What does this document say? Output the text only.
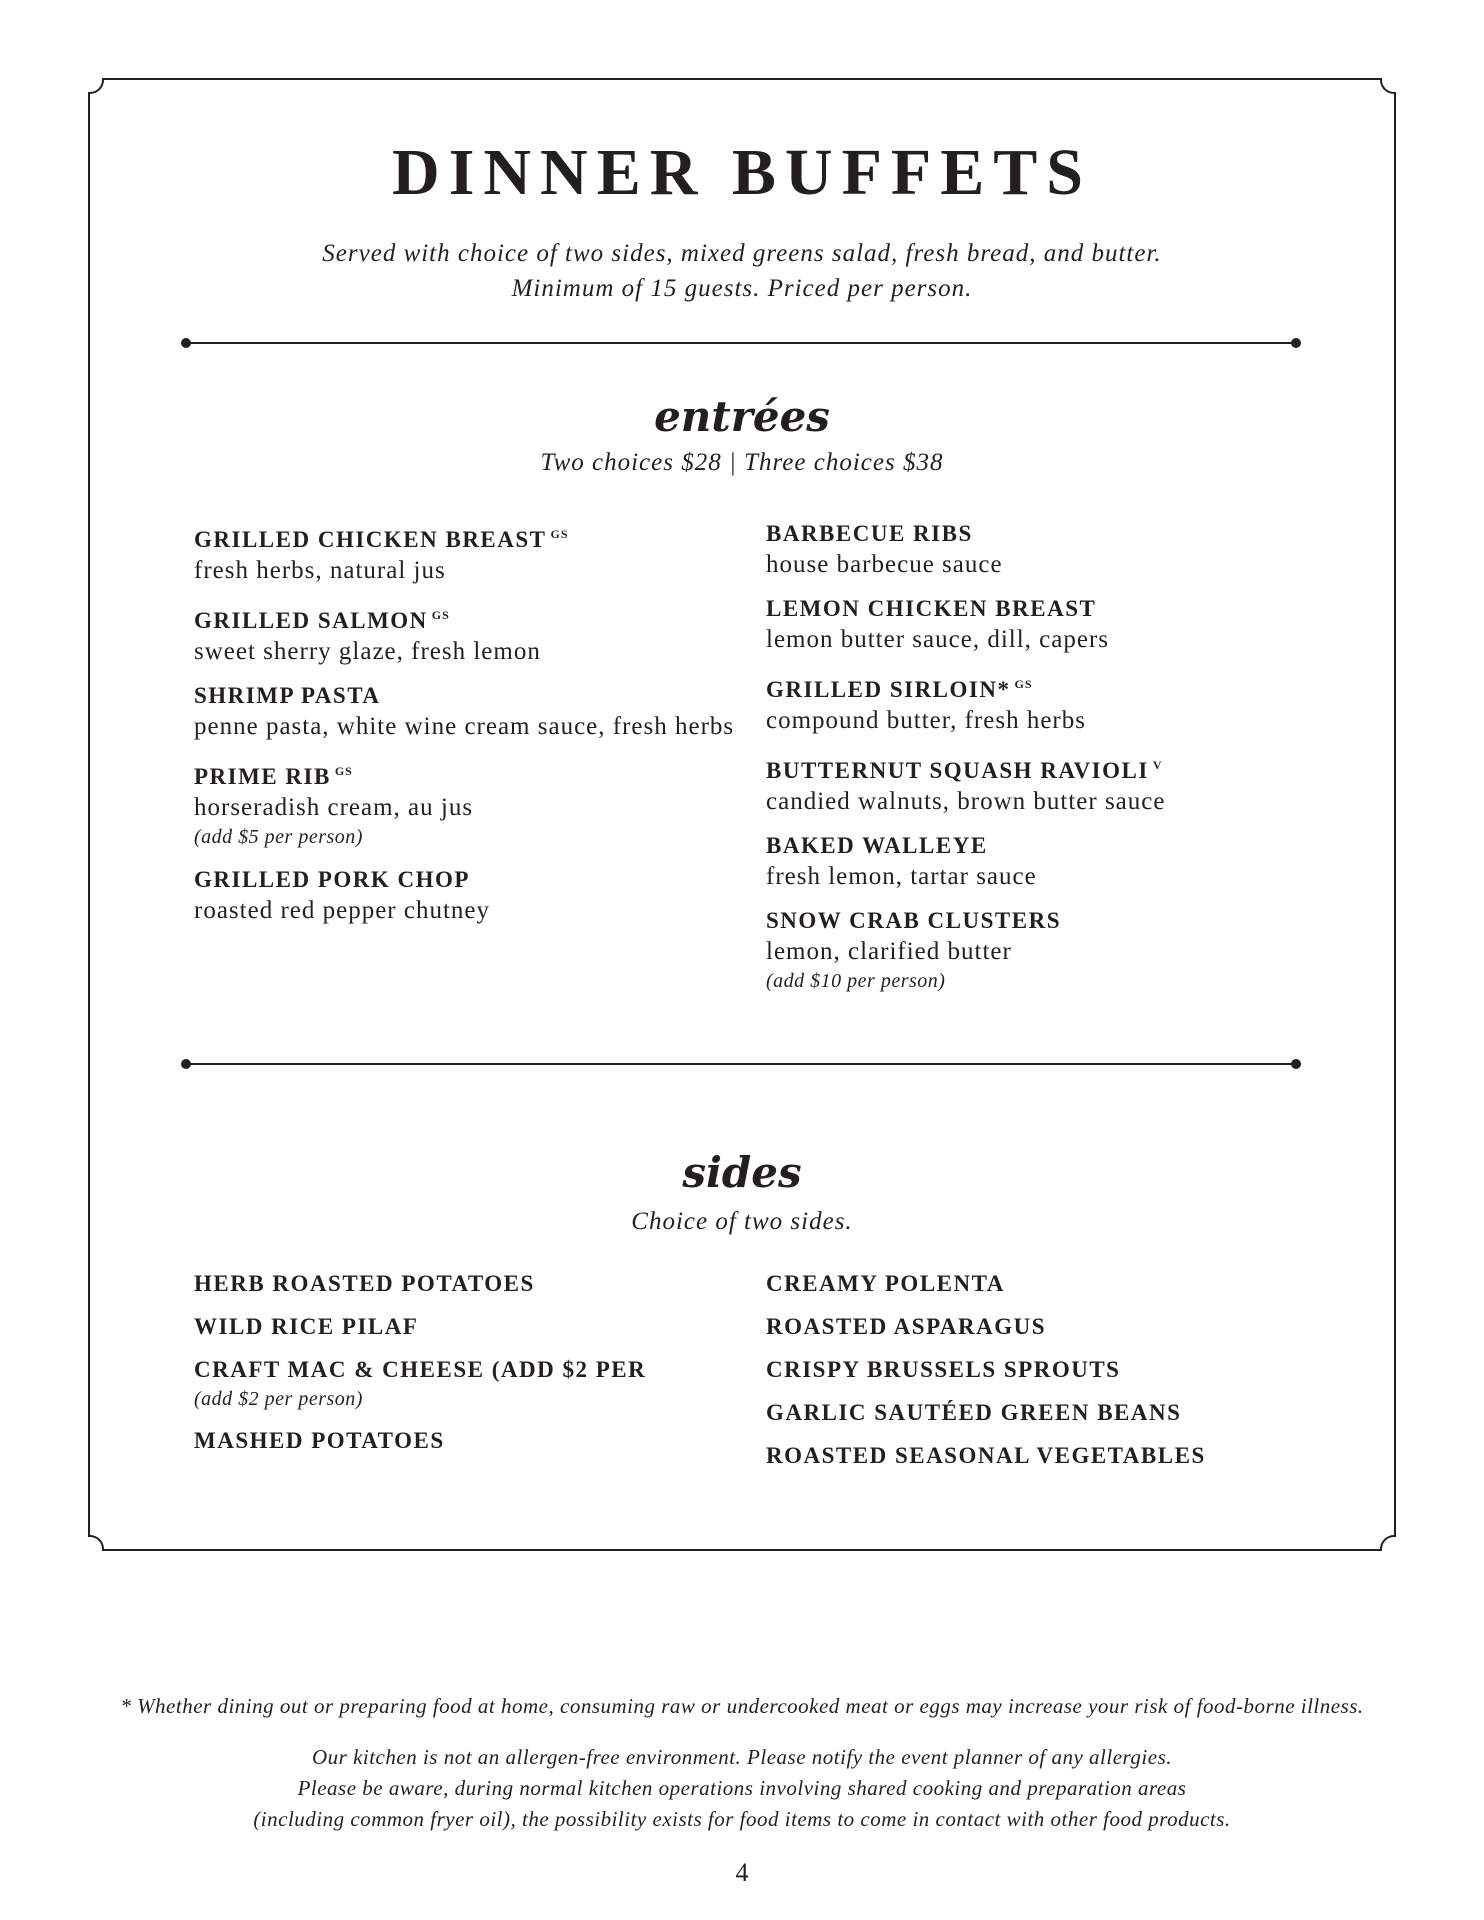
DINNER BUFFETS
Served with choice of two sides, mixed greens salad, fresh bread, and butter.
Minimum of 15 guests. Priced per person.
entrées
Two choices $28 | Three choices $38
GRILLED CHICKEN BREAST $^{GS}$
fresh herbs, natural jus
GRILLED SALMON $^{GS}$
sweet sherry glaze, fresh lemon
SHRIMP PASTA
penne pasta, white wine cream sauce, fresh herbs
PRIME RIB $^{GS}$
horseradish cream, au jus
(add $5 per person)
GRILLED PORK CHOP
roasted red pepper chutney
BARBECUE RIBS
house barbecue sauce
LEMON CHICKEN BREAST
lemon butter sauce, dill, capers
GRILLED SIRLOIN* $^{GS}$
compound butter, fresh herbs
BUTTERNUT SQUASH RAVIOLI $^V$
candied walnuts, brown butter sauce
BAKED WALLEYE
fresh lemon, tartar sauce
SNOW CRAB CLUSTERS
lemon, clarified butter
(add $10 per person)
sides
Choice of two sides.
HERB ROASTED POTATOES
WILD RICE PILAF
CRAFT MAC & CHEESE (ADD $2 PER
(add $2 per person)
MASHED POTATOES
CREAMY POLENTA
ROASTED ASPARAGUS
CRISPY BRUSSELS SPROUTS
GARLIC SAUTÉED GREEN BEANS
ROASTED SEASONAL VEGETABLES
* Whether dining out or preparing food at home, consuming raw or undercooked meat or eggs may increase your risk of food-borne illness.
Our kitchen is not an allergen-free environment. Please notify the event planner of any allergies.
Please be aware, during normal kitchen operations involving shared cooking and preparation areas
(including common fryer oil), the possibility exists for food items to come in contact with other food products.
4
